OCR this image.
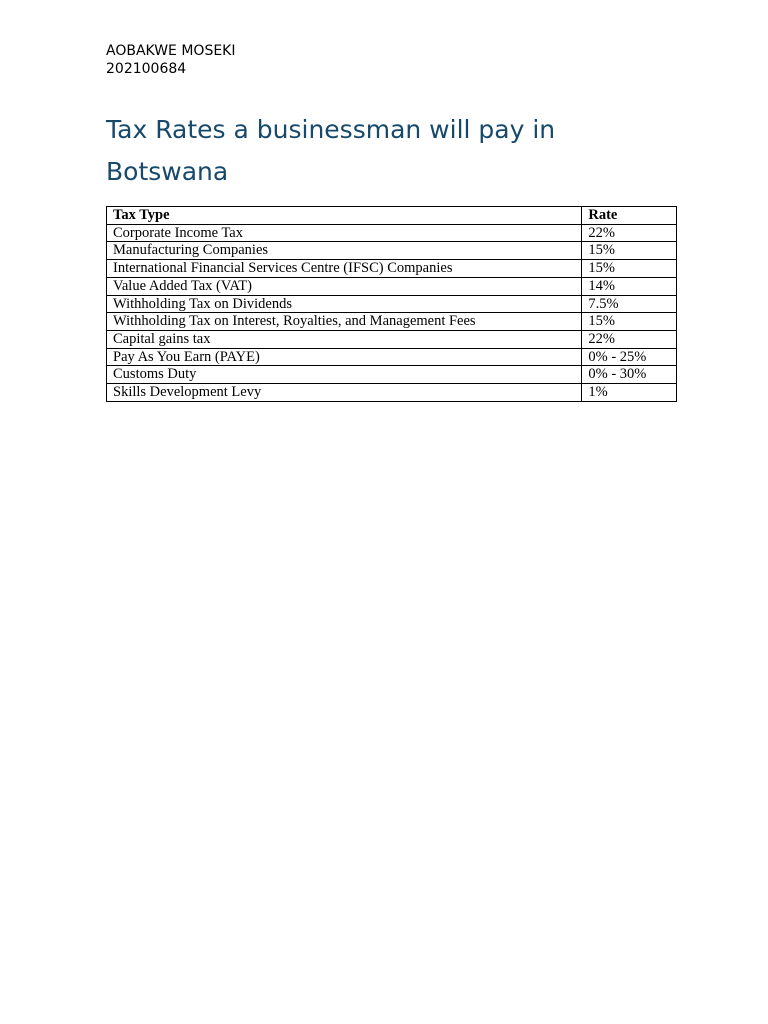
AOBAKWE MOSEKI
202100684
Tax Rates a businessman will pay in Botswana
Tax Type	Rate
Corporate Income Tax	22%
Manufacturing Companies	15%
International Financial Services Centre (IFSC) Companies	15%
Value Added Tax (VAT)	14%
Withholding Tax on Dividends	7.5%
Withholding Tax on Interest, Royalties, and Management Fees	15%
Capital gains tax	22%
Pay As You Earn (PAYE)	0% - 25%
Customs Duty	0% - 30%
Skills Development Levy	1%
